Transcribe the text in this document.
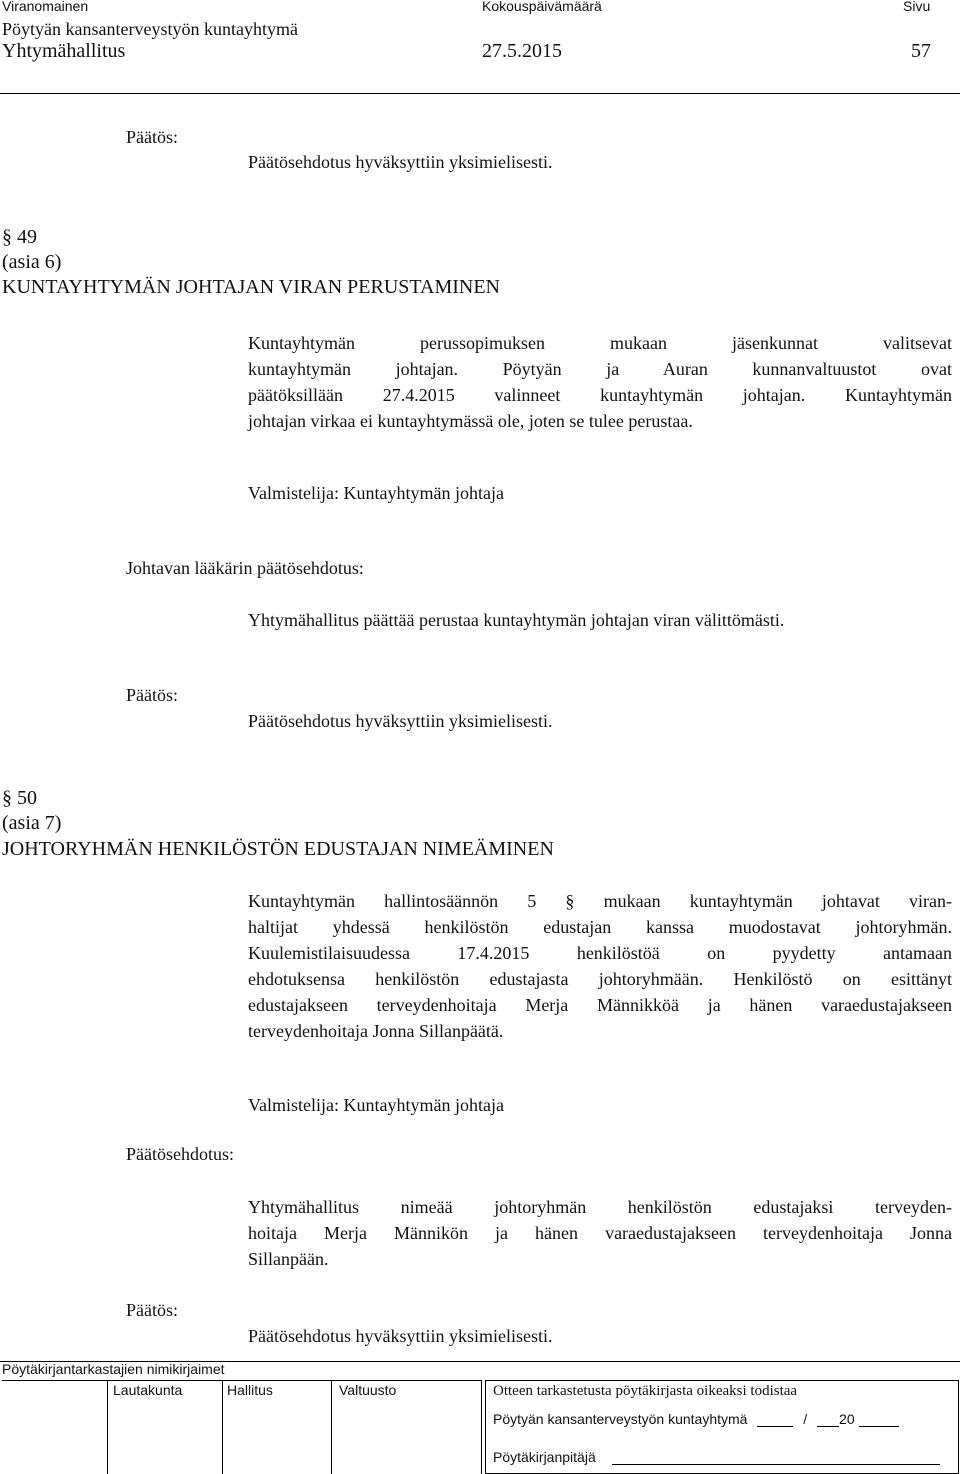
Viranomainen	Kokouspäivämäärä	Sivu
Pöytyän kansanterveystyön kuntayhtymä
Yhtymähallitus	27.5.2015	57
Päätös:
Päätösehdotus hyväksyttiin yksimielisesti.
§ 49
(asia 6)
KUNTAYHTYMÄN JOHTAJAN VIRAN PERUSTAMINEN
Kuntayhtymän perussopimuksen mukaan jäsenkunnat valitsevat
kuntayhtymän johtajan. Pöytyän ja Auran kunnanvaltuustot ovat
päätöksillään 27.4.2015 valinneet kuntayhtymän johtajan. Kuntayhtymän
johtajan virkaa ei kuntayhtymässä ole, joten se tulee perustaa.
Valmistelija: Kuntayhtymän johtaja
Johtavan lääkärin päätösehdotus:
Yhtymähallitus päättää perustaa kuntayhtymän johtajan viran välittömästi.
Päätös:
Päätösehdotus hyväksyttiin yksimielisesti.
§ 50
(asia 7)
JOHTORYHMÄN HENKILÖSTÖN EDUSTAJAN NIMEÄMINEN
Kuntayhtymän hallintosäännön 5 § mukaan kuntayhtymän johtavat viran-
haltijat yhdessä henkilöstön edustajan kanssa muodostavat johtoryhmän.
Kuulemistilaisuudessa 17.4.2015 henkilöstöä on pyydetty antamaan
ehdotuksensa henkilöstön edustajasta johtoryhmään. Henkilöstö on esittänyt
edustajakseen terveydenhoitaja Merja Männikköä ja hänen varaedustajakseen
terveydenhoitaja Jonna Sillanpäätä.
Valmistelija: Kuntayhtymän johtaja
Päätösehdotus:
Yhtymähallitus nimeää johtoryhmän henkilöstön edustajaksi terveyden-
hoitaja Merja Männikön ja hänen varaedustajakseen terveydenhoitaja Jonna
Sillanpään.
Päätös:
Päätösehdotus hyväksyttiin yksimielisesti.
Pöytäkirjantarkastajien nimikirjaimet
Lautakunta	Hallitus	Valtuusto	Otteen tarkastetusta pöytäkirjasta oikeaksi todistaa
Pöytyän kansanterveystyön kuntayhtymä	/ 20
Pöytäkirjanpitäjä
